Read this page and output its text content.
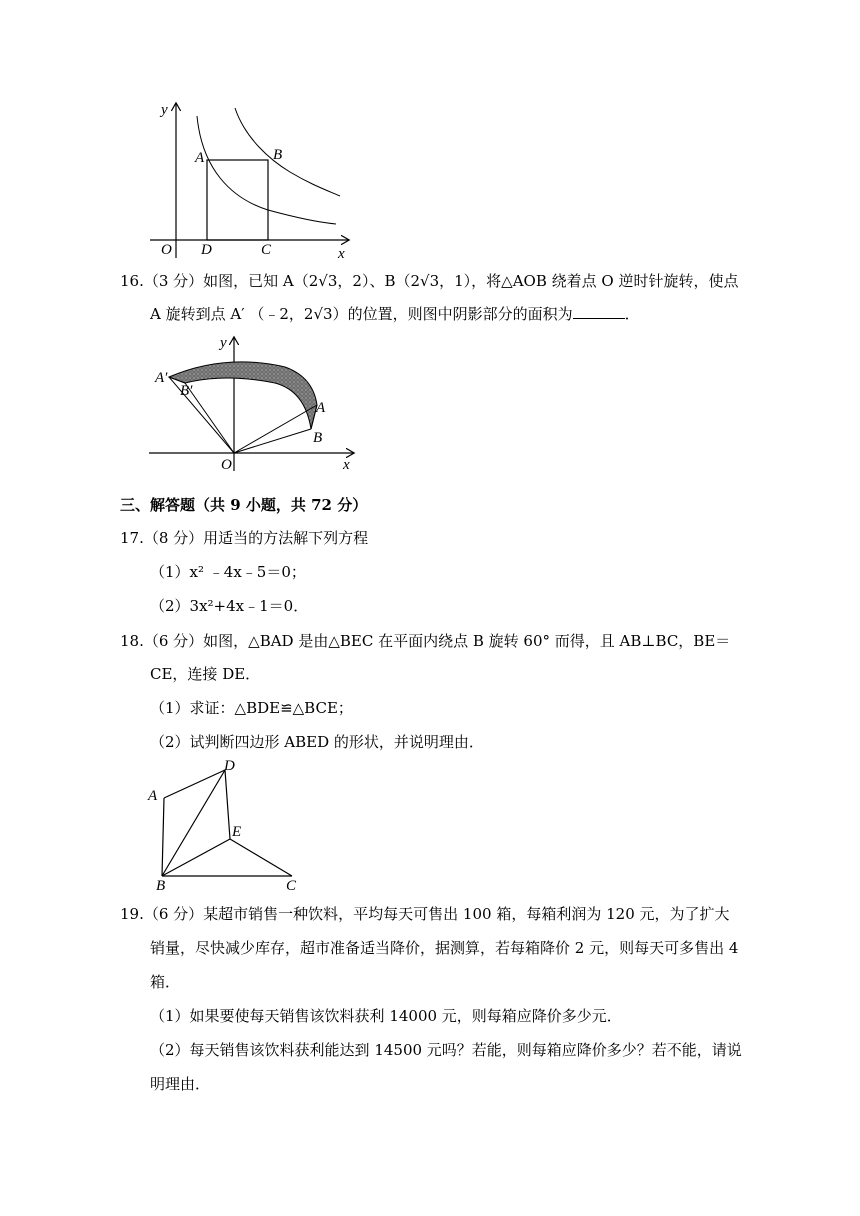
y
x
O
A	B
C
D
16.（3 分）如图，已知 A（2√3，2）、B（2√3，1），将△AOB 绕着点 O 逆时针旋转，使点
A 旋转到点 A′ （﹣2，2√3）的位置，则图中阴影部分的面积为	．
y
x
O
A
B
A′
B′
三、解答题（共 9 小题，共 72 分）
17.（8 分）用适当的方法解下列方程
（1）x² ﹣4x﹣5＝0；
（2）3x²+4x﹣1＝0．
18.（6 分）如图，△BAD 是由△BEC 在平面内绕点 B 旋转 60° 而得，且 AB⊥BC，BE＝
CE，连接 DE．
（1）求证：△BDE≌△BCE；
（2）试判断四边形 ABED 的形状，并说明理由．
A
D
E
B	C
19.（6 分）某超市销售一种饮料，平均每天可售出 100 箱，每箱利润为 120 元，为了扩大
销量，尽快减少库存，超市准备适当降价，据测算，若每箱降价 2 元，则每天可多售出 4
箱．
（1）如果要使每天销售该饮料获利 14000 元，则每箱应降价多少元．
（2）每天销售该饮料获利能达到 14500 元吗？若能，则每箱应降价多少？若不能，请说
明理由．
